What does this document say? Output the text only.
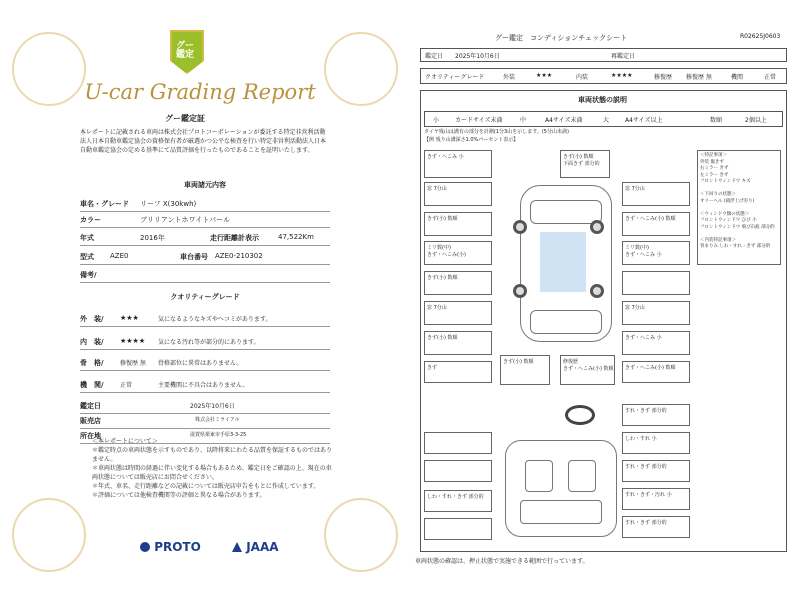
グー
鑑定
U-car Grading Report
グー鑑定証
本レポートに記載される車両は株式会社プロトコーポレーションが委託する特定非営利活動法人日本自動車鑑定協会の資格保有者が厳選かつ公平な検査を行い特定非営利活動法人日本自動車鑑定協会の定める基準にて品質評価を行ったものであることを証明いたします。
車両諸元内容
車名・グレード リーフ X(30kwh)
カラー	ブリリアントホワイトパール
年式	2016年	走行距離計表示	47,522Km
型式 AZE0	車台番号 AZE0-210302
備考/
クオリティーグレード
外　装/ ★★★	気になるようなキズやヘコミがあります。
内　装/ ★★★★ 気になる汚れ等が部分的にあります。
骨　格/	修復歴 無 骨格部位に異常はありません。
機　関/	正常	主要機関に不具合はありません。
鑑定日	2025年10月6日
販売店	株式会社ミライアル
所在地	滋賀県栗東市手原3-3-25
＜本レポートについて＞
＊鑑定時点の車両状態を示すものであり、以降将来にわたる品質を保証するものではありません。
＊車両状態は時間の経過に伴い変化する場合もあるため、鑑定日をご確認の上、現在の車両状態については販売店にお問合せください。
＊年式、車名、走行距離などの記載については販売店申告をもとに作成しています。
＊評価については他検査機関等の評価と異なる場合があります。
PROTO	JAAA
グー鑑定　コンディションチェックシート	R02625J0603
鑑定日 2025年10月6日	再鑑定日
クオリティーグレード	外装	★★★	内装	★★★★	修復歴 修復歴 無	機関	正常
車両状態の説明
小	カードサイズ未満	中	A4サイズ未満	大	A4サイズ以上	数順	2個以上
タイヤ残山は溝有の部分を計測(1分3山を示します。(5分山未満)
【例 残り山溝深さ1.0%パーセント表示】
きず・へこみ 小	きず(小) 数順
下面きず 部分的
窓 7分山	窓 7分山
きず(小) 数順	きず・へこみ(小) 数順
ミリ数(中)
きず・へこみ(小)
ミリ数(中)
きず・へこみ 小
きず(小) 数順
窓 7分山	窓 7分山
きず(小) 数順	きず・へこみ 小
きず	きず・へこみ(小) 数順
きず(小) 数順	修復歴
きず・へこみ(小) 数順
すれ・きず 部分的
しわ・すれ 小
すれ・きず 部分的
すれ・きず・汚れ 小
しわ・すれ・きず 部分的
すれ・きず 部分的
＜特記事項＞
外装 傷きず
右ミラー きず
左ミラー きず
フロントウィンドウ キズ

＜下回りの状態＞
オリーヘル (錆浮上げ有り)

＜ウィンドウ類の状態＞
フロントウィンドウ ひび 小
フロントウィンドウ 飛び石痕 部分的

＜内装特記事項＞
骨まりみ しわ・すれ・きず 部分的
車両状態の確認は、押止状態で実施できる範囲で行っています。
